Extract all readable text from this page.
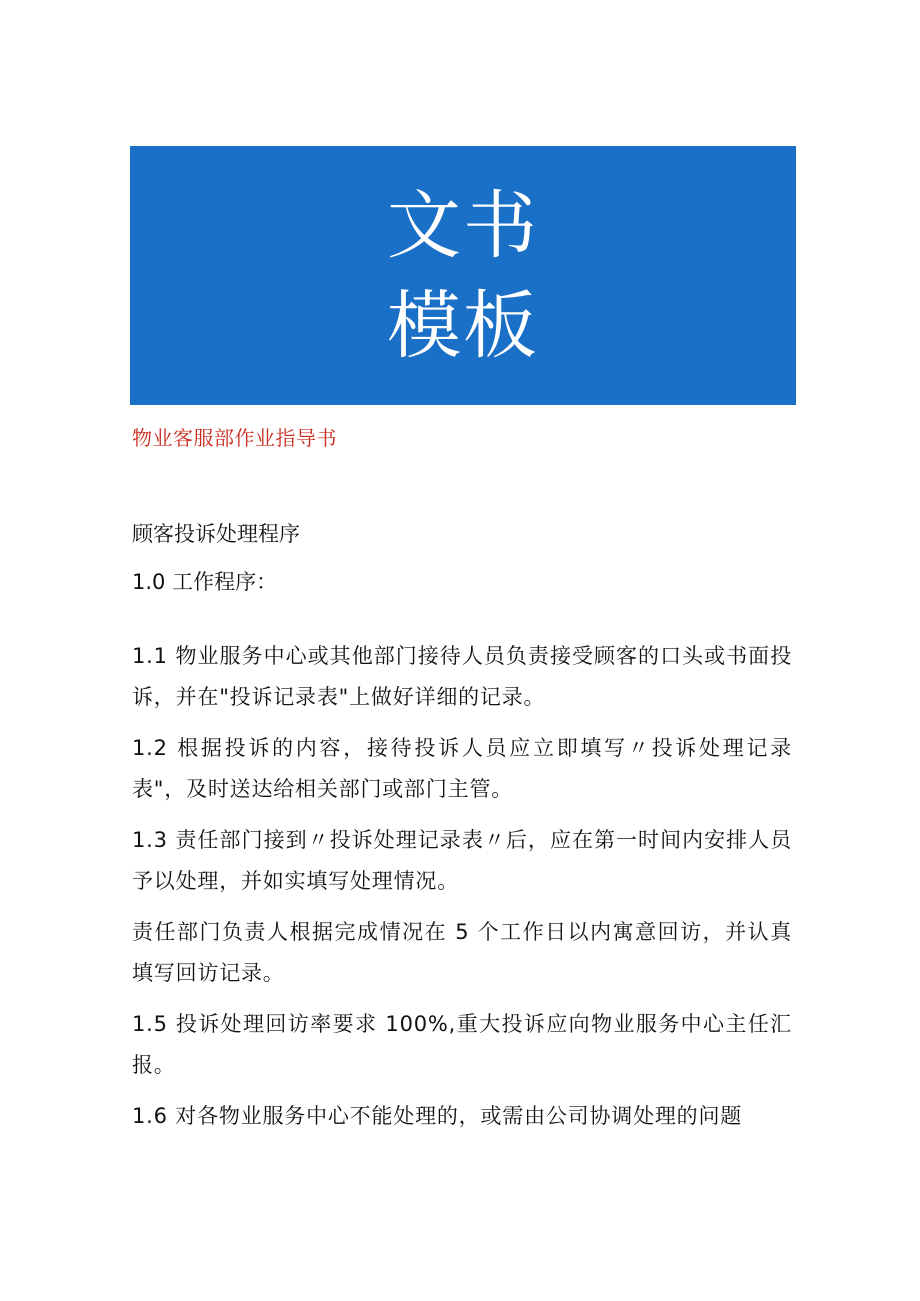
文书
模板
物业客服部作业指导书

顾客投诉处理程序

1.0 工作程序：

1.1 物业服务中心或其他部门接待人员负责接受顾客的口头或书面投诉，并在"投诉记录表"上做好详细的记录。

1.2 根据投诉的内容，接待投诉人员应立即填写〃投诉处理记录表"，及时送达给相关部门或部门主管。

1.3 责任部门接到〃投诉处理记录表〃后，应在第一时间内安排人员予以处理，并如实填写处理情况。

责任部门负责人根据完成情况在 5 个工作日以内寓意回访，并认真填写回访记录。

1.5 投诉处理回访率要求 100%,重大投诉应向物业服务中心主任汇报。

1.6 对各物业服务中心不能处理的，或需由公司协调处理的问题
